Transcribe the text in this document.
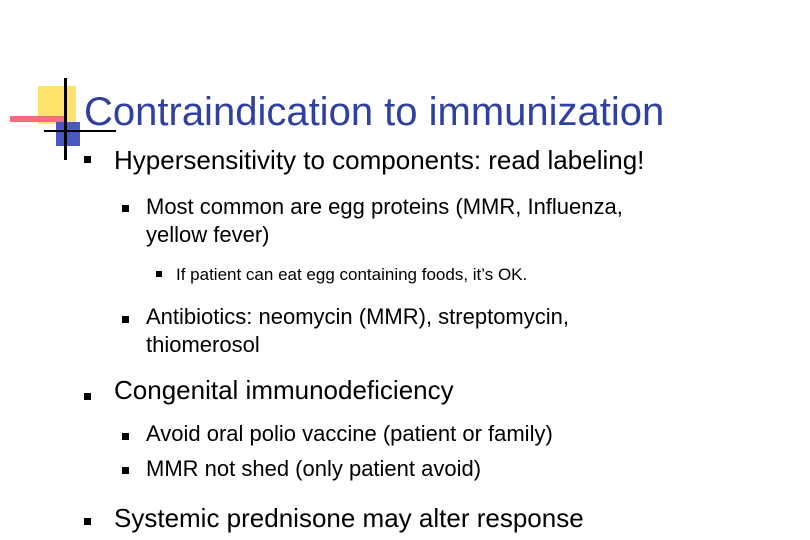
Contraindication to immunization
Hypersensitivity to components: read labeling!
Most common are egg proteins (MMR, Influenza,
yellow fever)
If patient can eat egg containing foods, it’s OK.
Antibiotics: neomycin (MMR), streptomycin,
thiomerosol
Congenital immunodeficiency
Avoid oral polio vaccine (patient or family)
MMR not shed (only patient avoid)
Systemic prednisone may alter response
